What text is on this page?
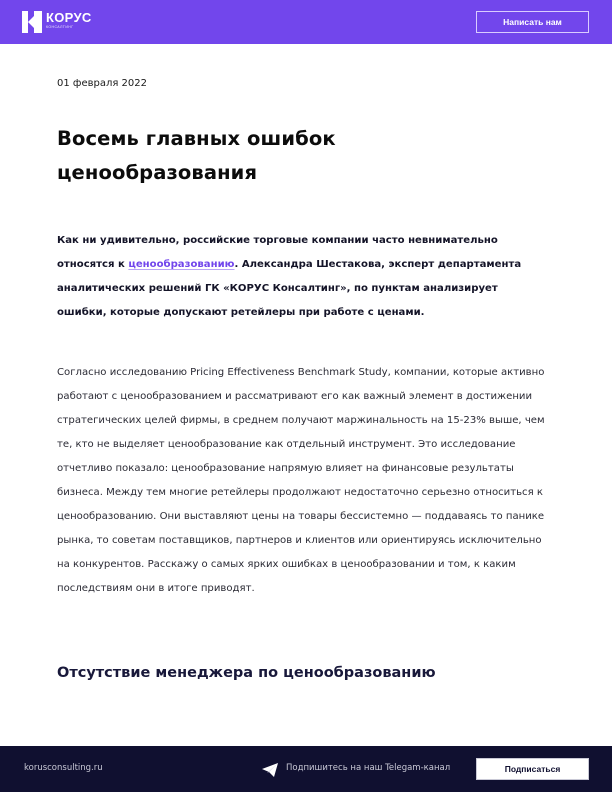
КОРУС
КОНСАЛТИНГ	Написать нам
01 февраля 2022
Восемь главных ошибок ценообразования

Как ни удивительно, российские торговые компании часто невнимательно относятся к ценообразованию. Александра Шестакова, эксперт департамента аналитических решений ГК «КОРУС Консалтинг», по пунктам анализирует ошибки, которые допускают ретейлеры при работе с ценами.

Согласно исследованию Pricing Effectiveness Benchmark Study, компании, которые активно работают с ценообразованием и рассматривают его как важный элемент в достижении стратегических целей фирмы, в среднем получают маржинальность на 15-23% выше, чем те, кто не выделяет ценообразование как отдельный инструмент. Это исследование отчетливо показало: ценообразование напрямую влияет на финансовые результаты бизнеса. Между тем многие ретейлеры продолжают недостаточно серьезно относиться к ценообразованию. Они выставляют цены на товары бессистемно — поддаваясь то панике рынка, то советам поставщиков, партнеров и клиентов или ориентируясь исключительно на конкурентов. Расскажу о самых ярких ошибках в ценообразовании и том, к каким последствиям они в итоге приводят.

Отсутствие менеджера по ценообразованию
korusconsulting.ru	Подпишитесь на наш Telegam-канал	Подписаться
